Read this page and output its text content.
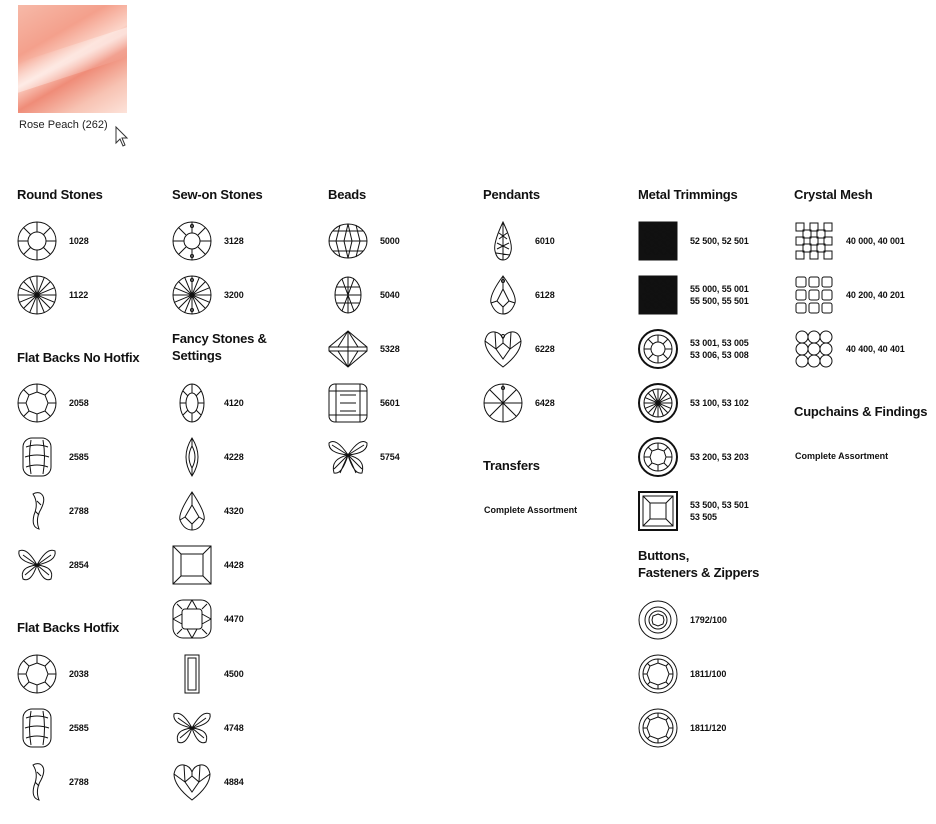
Rose Peach (262)
Round Stones
1028
1122
Flat Backs No Hotfix
2058
2585
2788
2854
Flat Backs Hotfix
2038
2585
2788
Sew-on Stones
3128
3200
Fancy Stones &
Settings
4120
4228
4320
4428
4470
4500
4748
4884
Beads
5000
5040
5328
5601
5754
Pendants
6010
6128
6228
6428
Transfers
Complete Assortment
Metal Trimmings
52 500, 52 501
55 000, 55 001
55 500, 55 501
53 001, 53 005
53 006, 53 008
53 100, 53 102
53 200, 53 203
53 500, 53 501
53 505
Buttons,
Fasteners & Zippers
1792/100
1811/100
1811/120
Crystal Mesh
40 000, 40 001
40 200, 40 201
40 400, 40 401
Cupchains & Findings
Complete Assortment
